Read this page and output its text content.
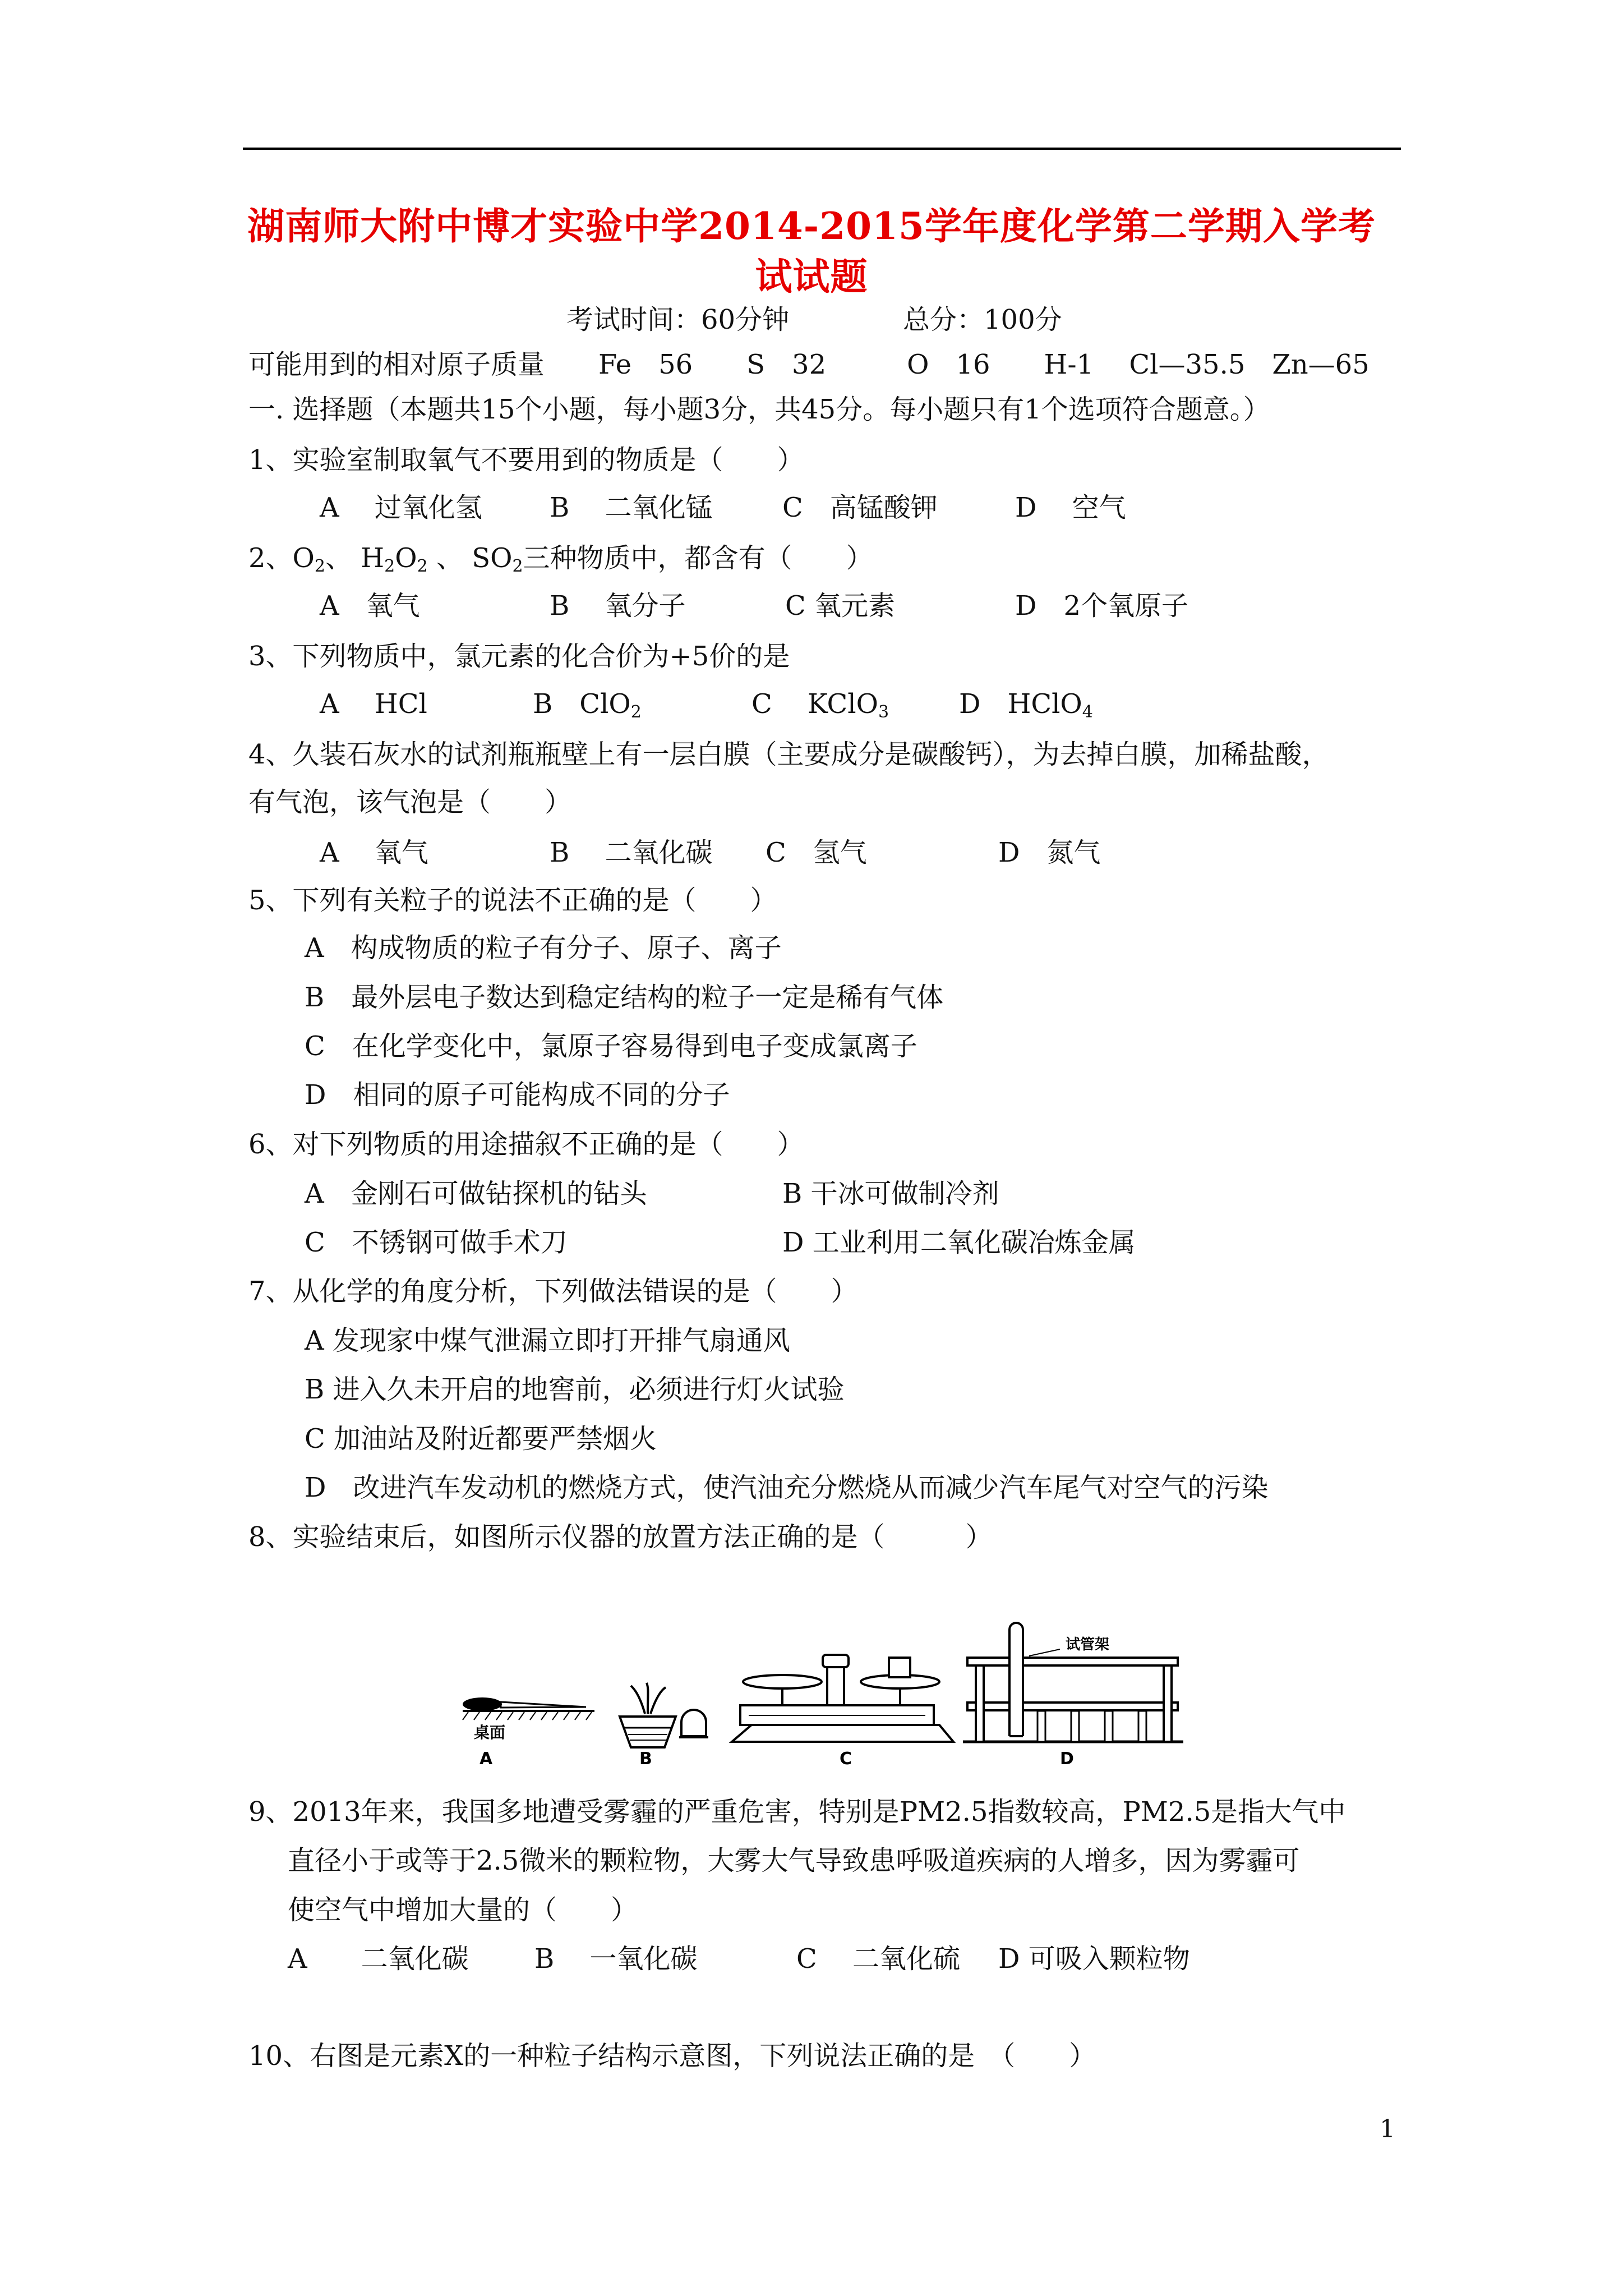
湖南师大附中博才实验中学2014-2015学年度化学第二学期入学考
试试题
考试时间：60分钟	总分：100分
可能用到的相对原子质量　　Fe　56　　S　32　　　O　16　　H-1　 Cl—35.5　Zn—65
一. 选择题（本题共15个小题，每小题3分，共45分。每小题只有1个选项符合题意。）
1、实验室制取氧气不要用到的物质是（　　）
A　 过氧化氢	B　 二氧化锰	C　高锰酸钾	D　 空气
2、$O_2$、 $H_2O_2$ 、 $SO_2$三种物质中，都含有（　　）
A　氧气	B　 氧分子	C 氧元素	D　2个氧原子
3、下列物质中，氯元素的化合价为+5价的是
A　 HCl	B　ClO$_2$	C　 KClO$_3$	D　HClO$_4$
4、久装石灰水的试剂瓶瓶壁上有一层白膜（主要成分是碳酸钙），为去掉白膜，加稀盐酸，
有气泡，该气泡是（　　）
A　 氧气	B　 二氧化碳 C　氢气	D　氮气
5、下列有关粒子的说法不正确的是（　　）
A　构成物质的粒子有分子、原子、离子
B　最外层电子数达到稳定结构的粒子一定是稀有气体
C　在化学变化中，氯原子容易得到电子变成氯离子
D　相同的原子可能构成不同的分子
6、对下列物质的用途描叙不正确的是（　　）
A　金刚石可做钻探机的钻头	B 干冰可做制冷剂
C　不锈钢可做手术刀	D 工业利用二氧化碳冶炼金属
7、从化学的角度分析，下列做法错误的是（　　）
A 发现家中煤气泄漏立即打开排气扇通风
B 进入久未开启的地窖前，必须进行灯火试验
C 加油站及附近都要严禁烟火
D　改进汽车发动机的燃烧方式，使汽油充分燃烧从而减少汽车尾气对空气的污染
8、实验结束后，如图所示仪器的放置方法正确的是（　　　）
桌面
A	B	C
试管架
D
9、2013年来，我国多地遭受雾霾的严重危害，特别是PM2.5指数较高，PM2.5是指大气中
直径小于或等于2.5微米的颗粒物，大雾大气导致患呼吸道疾病的人增多，因为雾霾可
使空气中增加大量的（　　）
A　　二氧化碳 B　 一氧化碳	C　 二氧化硫 D 可吸入颗粒物
10、右图是元素X的一种粒子结构示意图，下列说法正确的是　（　　）
1
